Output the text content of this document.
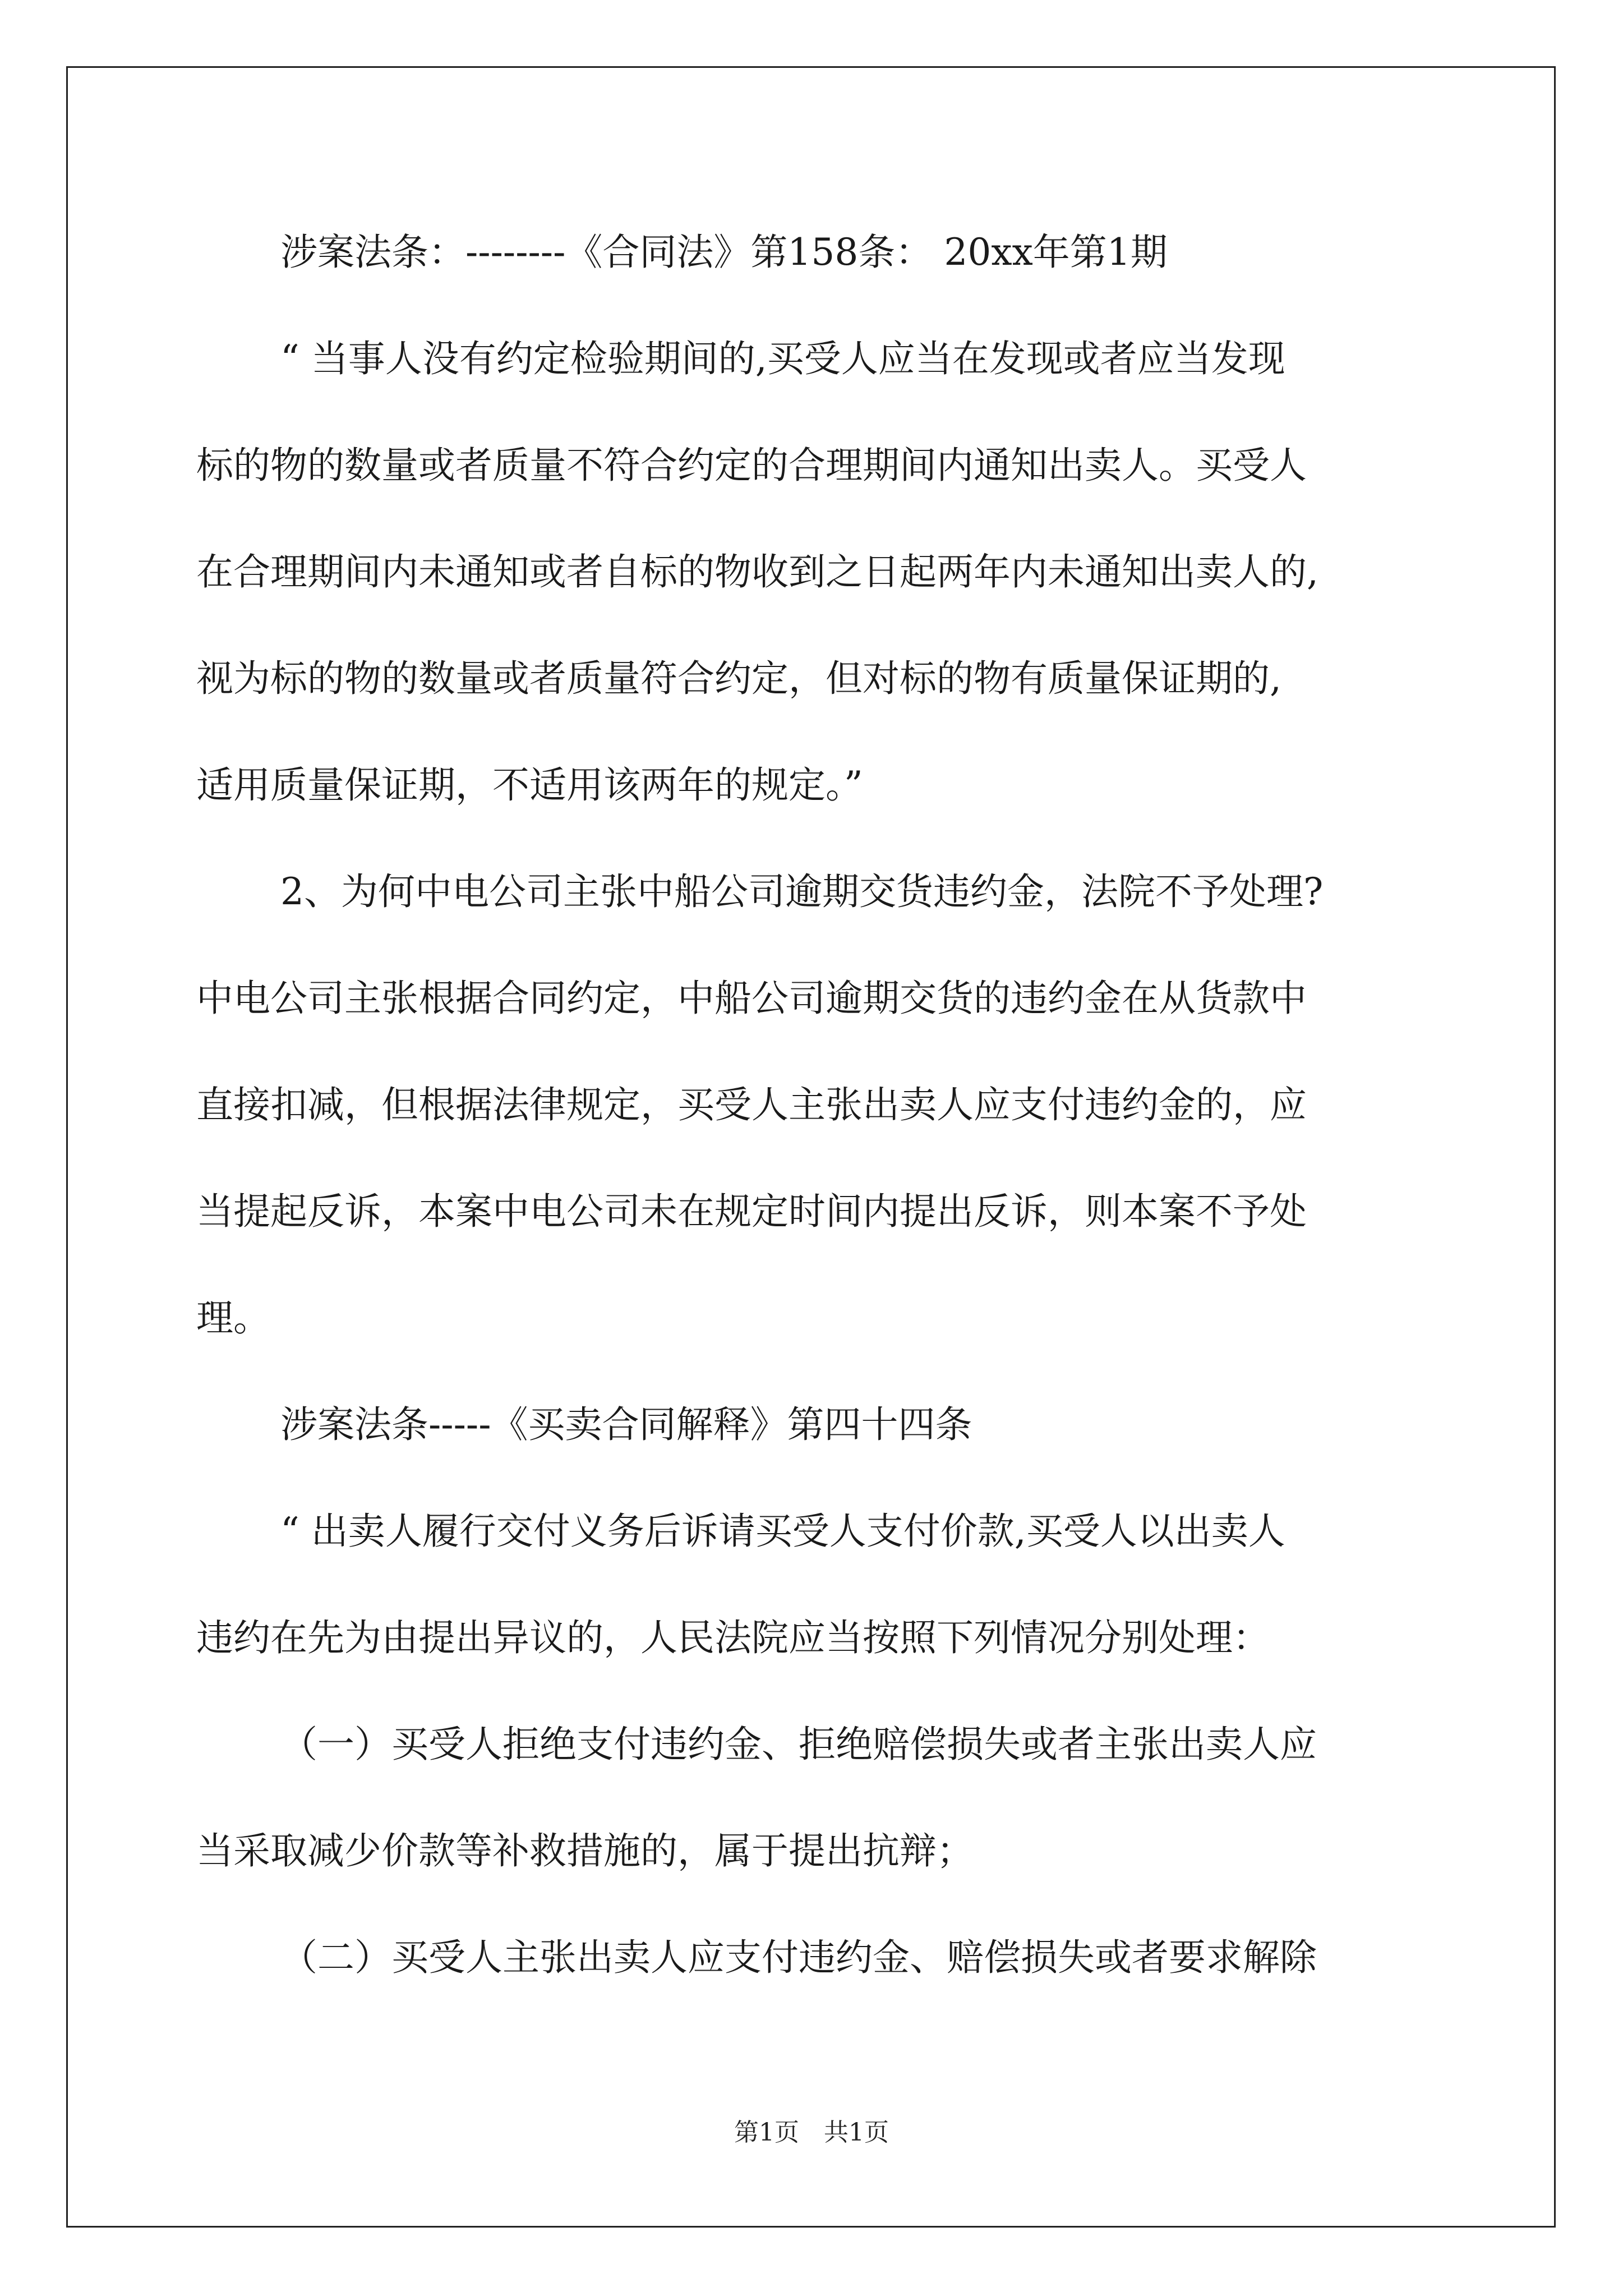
涉案法条：--------《合同法》第158条： 20xx年第1期

“ 当事人没有约定检验期间的,买受人应当在发现或者应当发现

标的物的数量或者质量不符合约定的合理期间内通知出卖人。买受人

在合理期间内未通知或者自标的物收到之日起两年内未通知出卖人的,

视为标的物的数量或者质量符合约定，但对标的物有质量保证期的,

适用质量保证期，不适用该两年的规定。”

2、为何中电公司主张中船公司逾期交货违约金，法院不予处理?

中电公司主张根据合同约定，中船公司逾期交货的违约金在从货款中

直接扣减，但根据法律规定，买受人主张出卖人应支付违约金的，应

当提起反诉，本案中电公司未在规定时间内提出反诉，则本案不予处

理。

涉案法条-----《买卖合同解释》第四十四条

“ 出卖人履行交付义务后诉请买受人支付价款,买受人以出卖人

违约在先为由提出异议的，人民法院应当按照下列情况分别处理：

（一）买受人拒绝支付违约金、拒绝赔偿损失或者主张出卖人应

当采取减少价款等补救措施的，属于提出抗辩；

（二）买受人主张出卖人应支付违约金、赔偿损失或者要求解除

第1页　共1页
